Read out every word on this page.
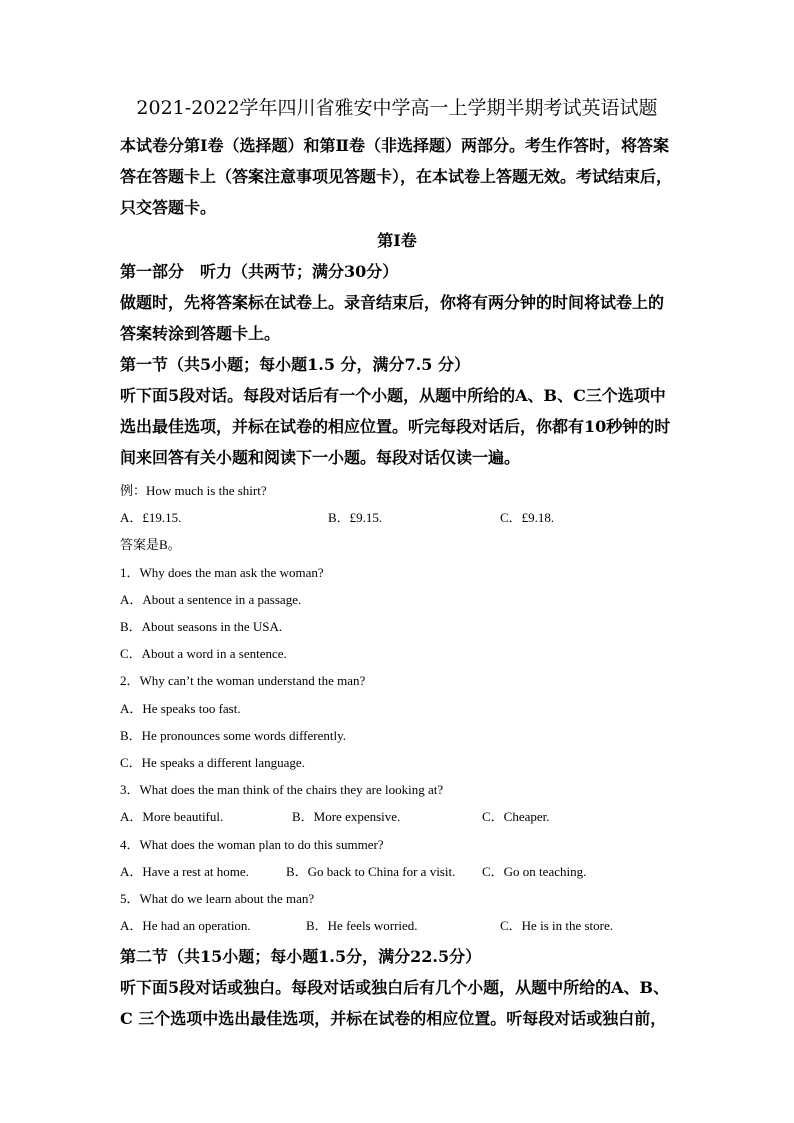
2021-2022学年四川省雅安中学高一上学期半期考试英语试题

本试卷分第Ⅰ卷（选择题）和第Ⅱ卷（非选择题）两部分。考生作答时，将答案答在答题卡上（答案注意事项见答题卡），在本试卷上答题无效。考试结束后，只交答题卡。

第Ⅰ卷

第一部分　听力（共两节；满分30分）

做题时，先将答案标在试卷上。录音结束后，你将有两分钟的时间将试卷上的答案转涂到答题卡上。

第一节（共5小题；每小题1.5 分，满分7.5 分）

听下面5段对话。每段对话后有一个小题，从题中所给的A、B、C三个选项中选出最佳选项，并标在试卷的相应位置。听完每段对话后，你都有10秒钟的时间来回答有关小题和阅读下一小题。每段对话仅读一遍。

例：How much is the shirt?

A．£19.15.	B．£9.15.	C．£9.18.

答案是B。

1．Why does the man ask the woman?

A．About a sentence in a passage.

B．About seasons in the USA.

C．About a word in a sentence.

2．Why can’t the woman understand the man?

A．He speaks too fast.

B．He pronounces some words differently.

C．He speaks a different language.

3．What does the man think of the chairs they are looking at?

A．More beautiful.	B．More expensive.	C．Cheaper.

4．What does the woman plan to do this summer?

A．Have a rest at home.	B．Go back to China for a visit. C．Go on teaching.

5．What do we learn about the man?

A．He had an operation.	B．He feels worried.	C．He is in the store.

第二节（共15小题；每小题1.5分，满分22.5分）

听下面5段对话或独白。每段对话或独白后有几个小题，从题中所给的A、B、C 三个选项中选出最佳选项，并标在试卷的相应位置。听每段对话或独白前，
